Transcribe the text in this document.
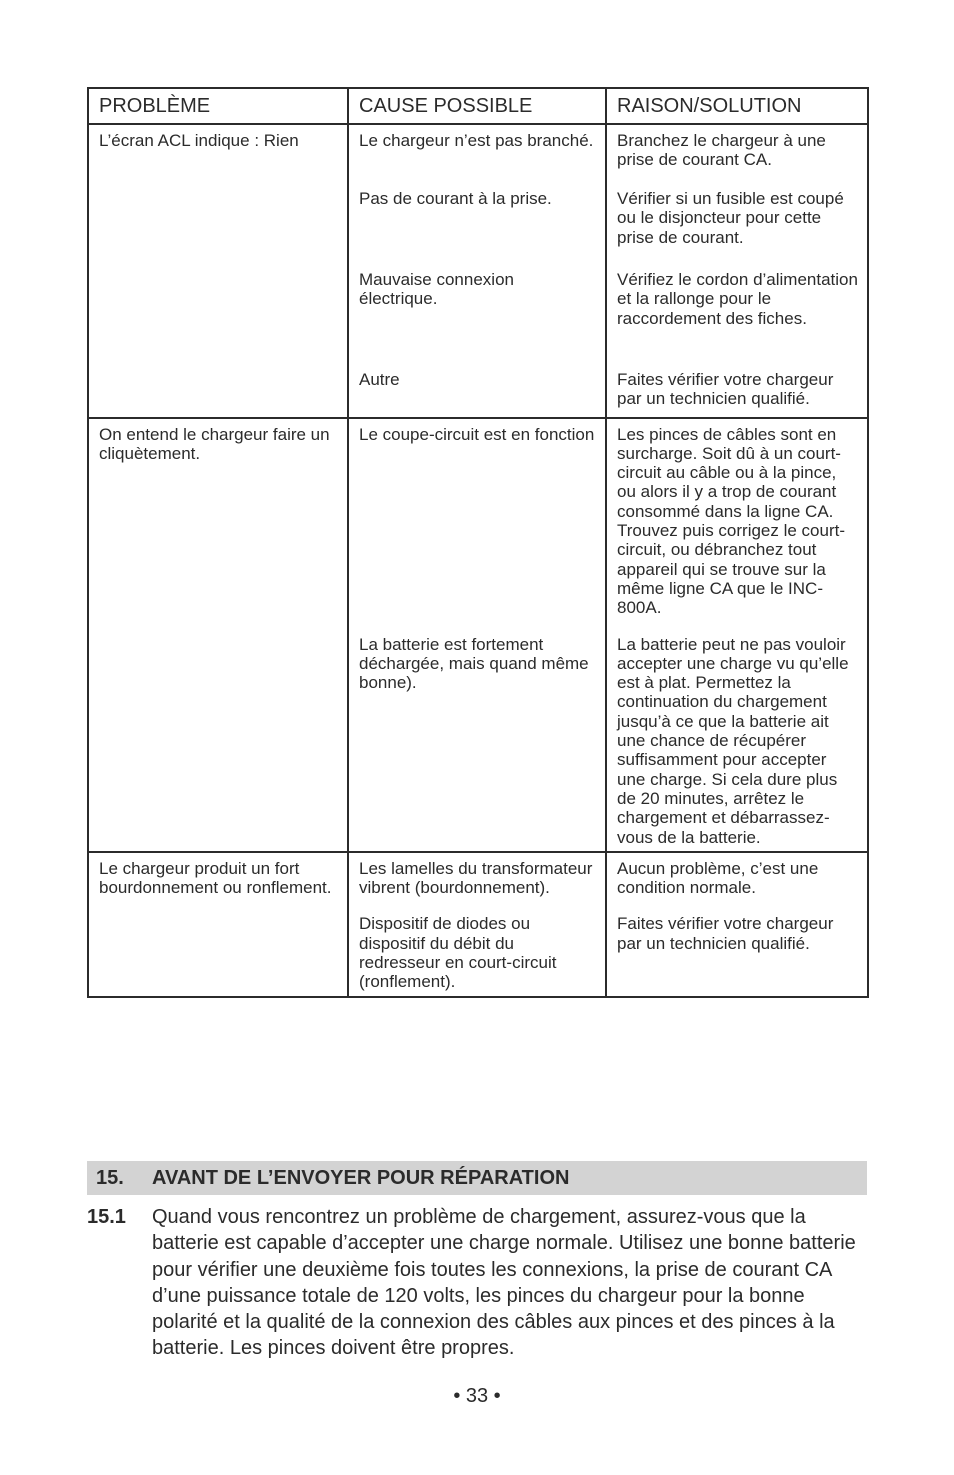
PROBLÈME	CAUSE POSSIBLE	RAISON/SOLUTION
L’écran ACL indique : Rien	Le chargeur n’est pas branché.	Branchez le chargeur à une prise de courant CA.
	Pas de courant à la prise.	Vérifier si un fusible est coupé ou le disjoncteur pour cette prise de courant.
	Mauvaise connexion électrique.	Vérifiez le cordon d’alimentation et la rallonge pour le raccordement des fiches.
	Autre	Faites vérifier votre chargeur par un technicien qualifié.
On entend le chargeur faire un cliquètement.	Le coupe-circuit est en fonction	Les pinces de câbles sont en surcharge. Soit dû à un court-circuit au câble ou à la pince, ou alors il y a trop de courant consommé dans la ligne CA. Trouvez puis corrigez le court-circuit, ou débranchez tout appareil qui se trouve sur la même ligne CA que le INC-800A.
	La batterie est fortement déchargée, mais quand même bonne).	La batterie peut ne pas vouloir accepter une charge vu qu’elle est à plat. Permettez la continuation du chargement jusqu’à ce que la batterie ait une chance de récupérer suffisamment pour accepter une charge. Si cela dure plus de 20 minutes, arrêtez le chargement et débarrassez-vous de la batterie.
Le chargeur produit un fort bourdonnement ou ronflement.	Les lamelles du transformateur vibrent (bourdonnement).	Aucun problème, c’est une condition normale.
	Dispositif de diodes ou dispositif du débit du redresseur en court-circuit (ronflement).	Faites vérifier votre chargeur par un technicien qualifié.
15. AVANT DE L’ENVOYER POUR RÉPARATION
15.1 Quand vous rencontrez un problème de chargement, assurez-vous que la batterie est capable d’accepter une charge normale. Utilisez une bonne batterie pour vérifier une deuxième fois toutes les connexions, la prise de courant CA d’une puissance totale de 120 volts, les pinces du chargeur pour la bonne polarité et la qualité de la connexion des câbles aux pinces et des pinces à la batterie. Les pinces doivent être propres.

• 33 •
